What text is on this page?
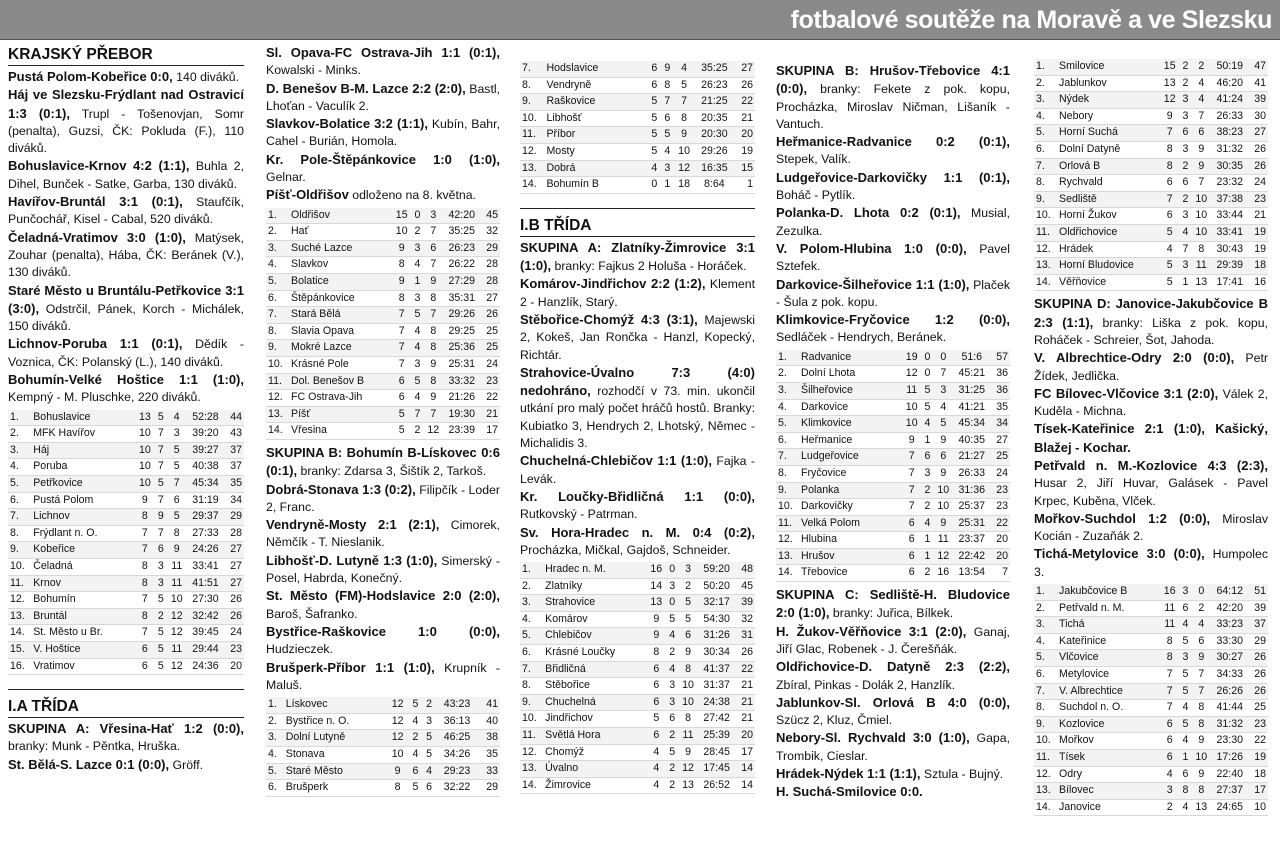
fotbalové soutěže na Moravě a ve Slezsku
KRAJSKÝ PŘEBOR
Pustá Polom-Kobeřice 0:0, 140 diváků.
Háj ve Slezsku-Frýdlant nad Ostravicí 1:3 (0:1), Trupl - Tošenovjan, Somr (penalta), Guzsi, ČK: Pokluda (F.), 110 diváků.
Bohuslavice-Krnov 4:2 (1:1), Buhla 2, Dihel, Bunček - Satke, Garba, 130 diváků.
Havířov-Bruntál 3:1 (0:1), Staufčík, Punčochář, Kisel - Cabal, 520 diváků.
Čeladná-Vratimov 3:0 (1:0), Matýsek, Zouhar (penalta), Hába, ČK: Beránek (V.), 130 diváků.
Staré Město u Bruntálu-Petřkovice 3:1 (3:0), Odstrčil, Pánek, Korch - Michálek, 150 diváků.
Lichnov-Poruba 1:1 (0:1), Dědík - Voznica, ČK: Polanský (L.), 140 diváků.
Bohumín-Velké Hoštice 1:1 (1:0), Kempný - M. Pluschke, 220 diváků.
1.	Bohuslavice	13	5	4	52:28	44
2.	MFK Havířov	10	7	3	39:20	43
3.	Háj	10	7	5	39:27	37
4.	Poruba	10	7	5	40:38	37
5.	Petřkovice	10	5	7	45:34	35
6.	Pustá Polom	9	7	6	31:19	34
7.	Lichnov	8	9	5	29:37	29
8.	Frýdlant n. O.	7	7	8	27:33	28
9.	Kobeřice	7	6	9	24:26	27
10.	Čeladná	8	3	11	33:41	27
11.	Krnov	8	3	11	41:51	27
12.	Bohumín	7	5	10	27:30	26
13.	Bruntál	8	2	12	32:42	26
14.	St. Město u Br.	7	5	12	39:45	24
15.	V. Hoštice	6	5	11	29:44	23
16.	Vratimov	6	5	12	24:36	20
I.A TŘÍDA
SKUPINA A: Vřesina-Hať 1:2 (0:0), branky: Munk - Pěntka, Hruška.
St. Bělá-S. Lazce 0:1 (0:0), Gröff.
Sl. Opava-FC Ostrava-Jih 1:1 (0:1), Kowalski - Minks.
D. Benešov B-M. Lazce 2:2 (2:0), Bastl, Lhoťan - Vaculík 2.
Slavkov-Bolatice 3:2 (1:1), Kubín, Bahr, Cahel - Burián, Homola.
Kr. Pole-Štěpánkovice 1:0 (1:0), Gelnar.
Píšť-Oldřišov odloženo na 8. května.
1.	Oldřišov	15	0	3	42:20	45
2.	Hať	10	2	7	35:25	32
3.	Suché Lazce	9	3	6	26:23	29
4.	Slavkov	8	4	7	26:22	28
5.	Bolatice	9	1	9	27:29	28
6.	Štěpánkovice	8	3	8	35:31	27
7.	Stará Bělá	7	5	7	29:26	26
8.	Slavia Opava	7	4	8	29:25	25
9.	Mokré Lazce	7	4	8	25:36	25
10.	Krásné Pole	7	3	9	25:31	24
11.	Dol. Benešov B	6	5	8	33:32	23
12.	FC Ostrava-Jih	6	4	9	21:26	22
13.	Píšť	5	7	7	19:30	21
14.	Vřesina	5	2	12	23:39	17
SKUPINA B: Bohumín B-Lískovec 0:6 (0:1), branky: Zdarsa 3, Šištík 2, Tarkoš.
Dobrá-Stonava 1:3 (0:2), Filipčík - Loder 2, Franc.
Vendryně-Mosty 2:1 (2:1), Cimorek, Němčík - T. Nieslanik.
Libhošť-D. Lutyně 1:3 (1:0), Simerský - Posel, Habrda, Konečný.
St. Město (FM)-Hodslavice 2:0 (2:0), Baroš, Šafranko.
Bystřice-Raškovice 1:0 (0:0), Hudzieczek.
Brušperk-Příbor 1:1 (1:0), Krupník - Maluš.
1.	Lískovec	12	5	2	43:23	41
2.	Bystřice n. O.	12	4	3	36:13	40
3.	Dolní Lutyně	12	2	5	46:25	38
4.	Stonava	10	4	5	34:26	35
5.	Staré Město	9	6	4	29:23	33
6.	Brušperk	8	5	6	32:22	29
7.	Hodslavice	6	9	4	35:25	27
8.	Vendryně	6	8	5	26:23	26
9.	Raškovice	5	7	7	21:25	22
10.	Libhošť	5	6	8	20:35	21
11.	Příbor	5	5	9	20:30	20
12.	Mosty	5	4	10	29:26	19
13.	Dobrá	4	3	12	16:35	15
14.	Bohumín B	0	1	18	8:64	1
I.B TŘÍDA
SKUPINA A: Zlatníky-Žimrovice 3:1 (1:0), branky: Fajkus 2 Holuša - Horáček.
Komárov-Jindřichov 2:2 (1:2), Klement 2 - Hanzlík, Starý.
Stěbořice-Chomýž 4:3 (3:1), Majewski 2, Kokeš, Jan Rončka - Hanzl, Kopecký, Richtár.
Strahovice-Úvalno 7:3 (4:0) nedohráno, rozhodčí v 73. min. ukončil utkání pro malý počet hráčů hostů. Branky: Kubiatko 3, Hendrych 2, Lhotský, Němec - Michalidis 3.
Chuchelná-Chlebičov 1:1 (1:0), Fajka - Levák.
Kr. Loučky-Břidličná 1:1 (0:0), Rutkovský - Patrman.
Sv. Hora-Hradec n. M. 0:4 (0:2), Procházka, Mičkal, Gajdoš, Schneider.
1.	Hradec n. M.	16	0	3	59:20	48
2.	Zlatníky	14	3	2	50:20	45
3.	Strahovice	13	0	5	32:17	39
4.	Komárov	9	5	5	54:30	32
5.	Chlebičov	9	4	6	31:26	31
6.	Krásné Loučky	8	2	9	30:34	26
7.	Břidličná	6	4	8	41:37	22
8.	Stěbořice	6	3	10	31:37	21
9.	Chuchelná	6	3	10	24:38	21
10.	Jindřichov	5	6	8	27:42	21
11.	Světlá Hora	6	2	11	25:39	20
12.	Chomýž	4	5	9	28:45	17
13.	Úvalno	4	2	12	17:45	14
14.	Žimrovice	4	2	13	26:52	14
SKUPINA B: Hrušov-Třebovice 4:1 (0:0), branky: Fekete z pok. kopu, Procházka, Miroslav Ničman, Lišaník - Vantuch.
Heřmanice-Radvanice 0:2 (0:1), Stepek, Valík.
Ludgeřovice-Darkovičky 1:1 (0:1), Boháč - Pytlík.
Polanka-D. Lhota 0:2 (0:1), Musial, Zezulka.
V. Polom-Hlubina 1:0 (0:0), Pavel Sztefek.
Darkovice-Šilheřovice 1:1 (1:0), Plaček - Šula z pok. kopu.
Klimkovice-Fryčovice 1:2 (0:0), Sedláček - Hendrych, Beránek.
1.	Radvanice	19	0	0	51:6	57
2.	Dolní Lhota	12	0	7	45:21	36
3.	Šilheřovice	11	5	3	31:25	36
4.	Darkovice	10	5	4	41:21	35
5.	Klimkovice	10	4	5	45:34	34
6.	Heřmanice	9	1	9	40:35	27
7.	Ludgeřovice	7	6	6	21:27	25
8.	Fryčovice	7	3	9	26:33	24
9.	Polanka	7	2	10	31:36	23
10.	Darkovičky	7	2	10	25:37	23
11.	Velká Polom	6	4	9	25:31	22
12.	Hlubina	6	1	11	23:37	20
13.	Hrušov	6	1	12	22:42	20
14.	Třebovice	6	2	16	13:54	7
SKUPINA C: Sedliště-H. Bludovice 2:0 (1:0), branky: Juřica, Bílkek.
H. Žukov-Věřňovice 3:1 (2:0), Ganaj, Jiří Glac, Robenek - J. Čerešňák.
Oldřichovice-D. Datyně 2:3 (2:2), Zbíral, Pinkas - Dolák 2, Hanzlík.
Jablunkov-Sl. Orlová B 4:0 (0:0), Szücz 2, Kluz, Čmiel.
Nebory-Sl. Rychvald 3:0 (1:0), Gapa, Trombik, Cieslar.
Hrádek-Nýdek 1:1 (1:1), Sztula - Bujný.
H. Suchá-Smilovice 0:0.
1.	Smilovice	15	2	2	50:19	47
2.	Jablunkov	13	2	4	46:20	41
3.	Nýdek	12	3	4	41:24	39
4.	Nebory	9	3	7	26:33	30
5.	Horní Suchá	7	6	6	38:23	27
6.	Dolní Datyně	8	3	9	31:32	26
7.	Orlová B	8	2	9	30:35	26
8.	Rychvald	6	6	7	23:32	24
9.	Sedliště	7	2	10	37:38	23
10.	Horní Žukov	6	3	10	33:44	21
11.	Oldřichovice	5	4	10	33:41	19
12.	Hrádek	4	7	8	30:43	19
13.	Horní Bludovice	5	3	11	29:39	18
14.	Věřňovice	5	1	13	17:41	16
SKUPINA D: Janovice-Jakubčovice B 2:3 (1:1), branky: Liška z pok. kopu, Roháček - Schreier, Šot, Jahoda.
V. Albrechtice-Odry 2:0 (0:0), Petr Žídek, Jedlička.
FC Bílovec-Vlčovice 3:1 (2:0), Válek 2, Kuděla - Michna.
Tísek-Kateřinice 2:1 (1:0), Kašický, Blažej - Kochar.
Petřvald n. M.-Kozlovice 4:3 (2:3), Husar 2, Jiří Huvar, Galásek - Pavel Krpec, Kuběna, Vlček.
Mořkov-Suchdol 1:2 (0:0), Miroslav Kocián - Zuzaňák 2.
Tichá-Metylovice 3:0 (0:0), Humpolec 3.
1.	Jakubčovice B	16	3	0	64:12	51
2.	Petřvald n. M.	11	6	2	42:20	39
3.	Tichá	11	4	4	33:23	37
4.	Kateřinice	8	5	6	33:30	29
5.	Vlčovice	8	3	9	30:27	26
6.	Metylovice	7	5	7	34:33	26
7.	V. Albrechtice	7	5	7	26:26	26
8.	Suchdol n. O.	7	4	8	41:44	25
9.	Kozlovice	6	5	8	31:32	23
10.	Mořkov	6	4	9	23:30	22
11.	Tísek	6	1	10	17:26	19
12.	Odry	4	6	9	22:40	18
13.	Bílovec	3	8	8	27:37	17
14.	Janovice	2	4	13	24:65	10
